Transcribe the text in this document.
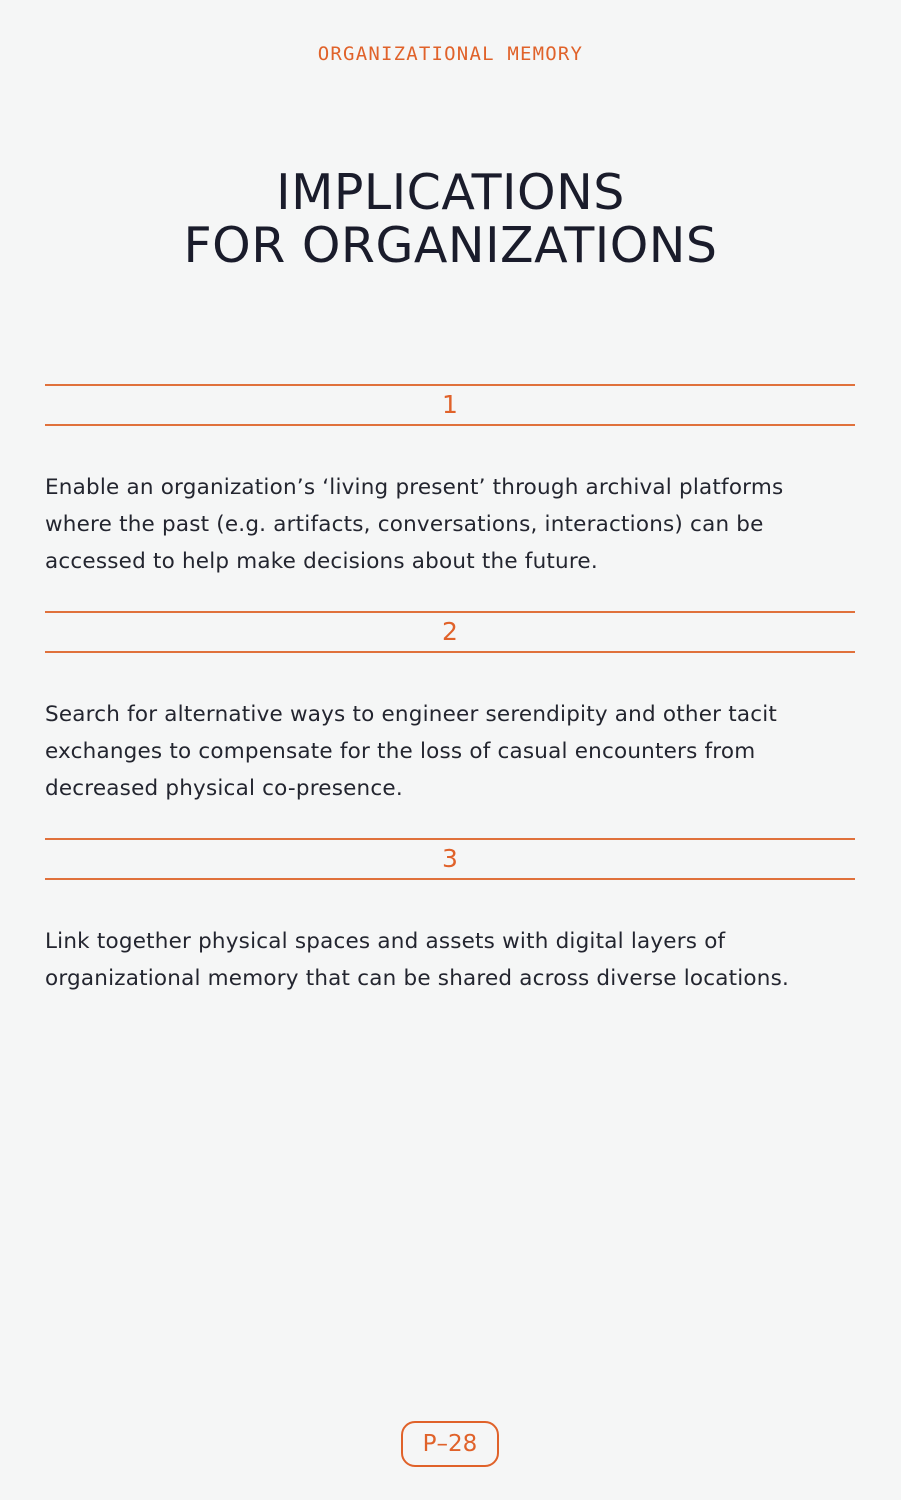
ORGANIZATIONAL MEMORY
IMPLICATIONS
FOR ORGANIZATIONS
1

Enable an organization’s ‘living present’ through archival platforms where the past (e.g. artifacts, conversations, interactions) can be accessed to help make decisions about the future.

2

Search for alternative ways to engineer serendipity and other tacit exchanges to compensate for the loss of casual encounters from decreased physical co-presence.

3

Link together physical spaces and assets with digital layers of organizational memory that can be shared across diverse locations.

P–28
